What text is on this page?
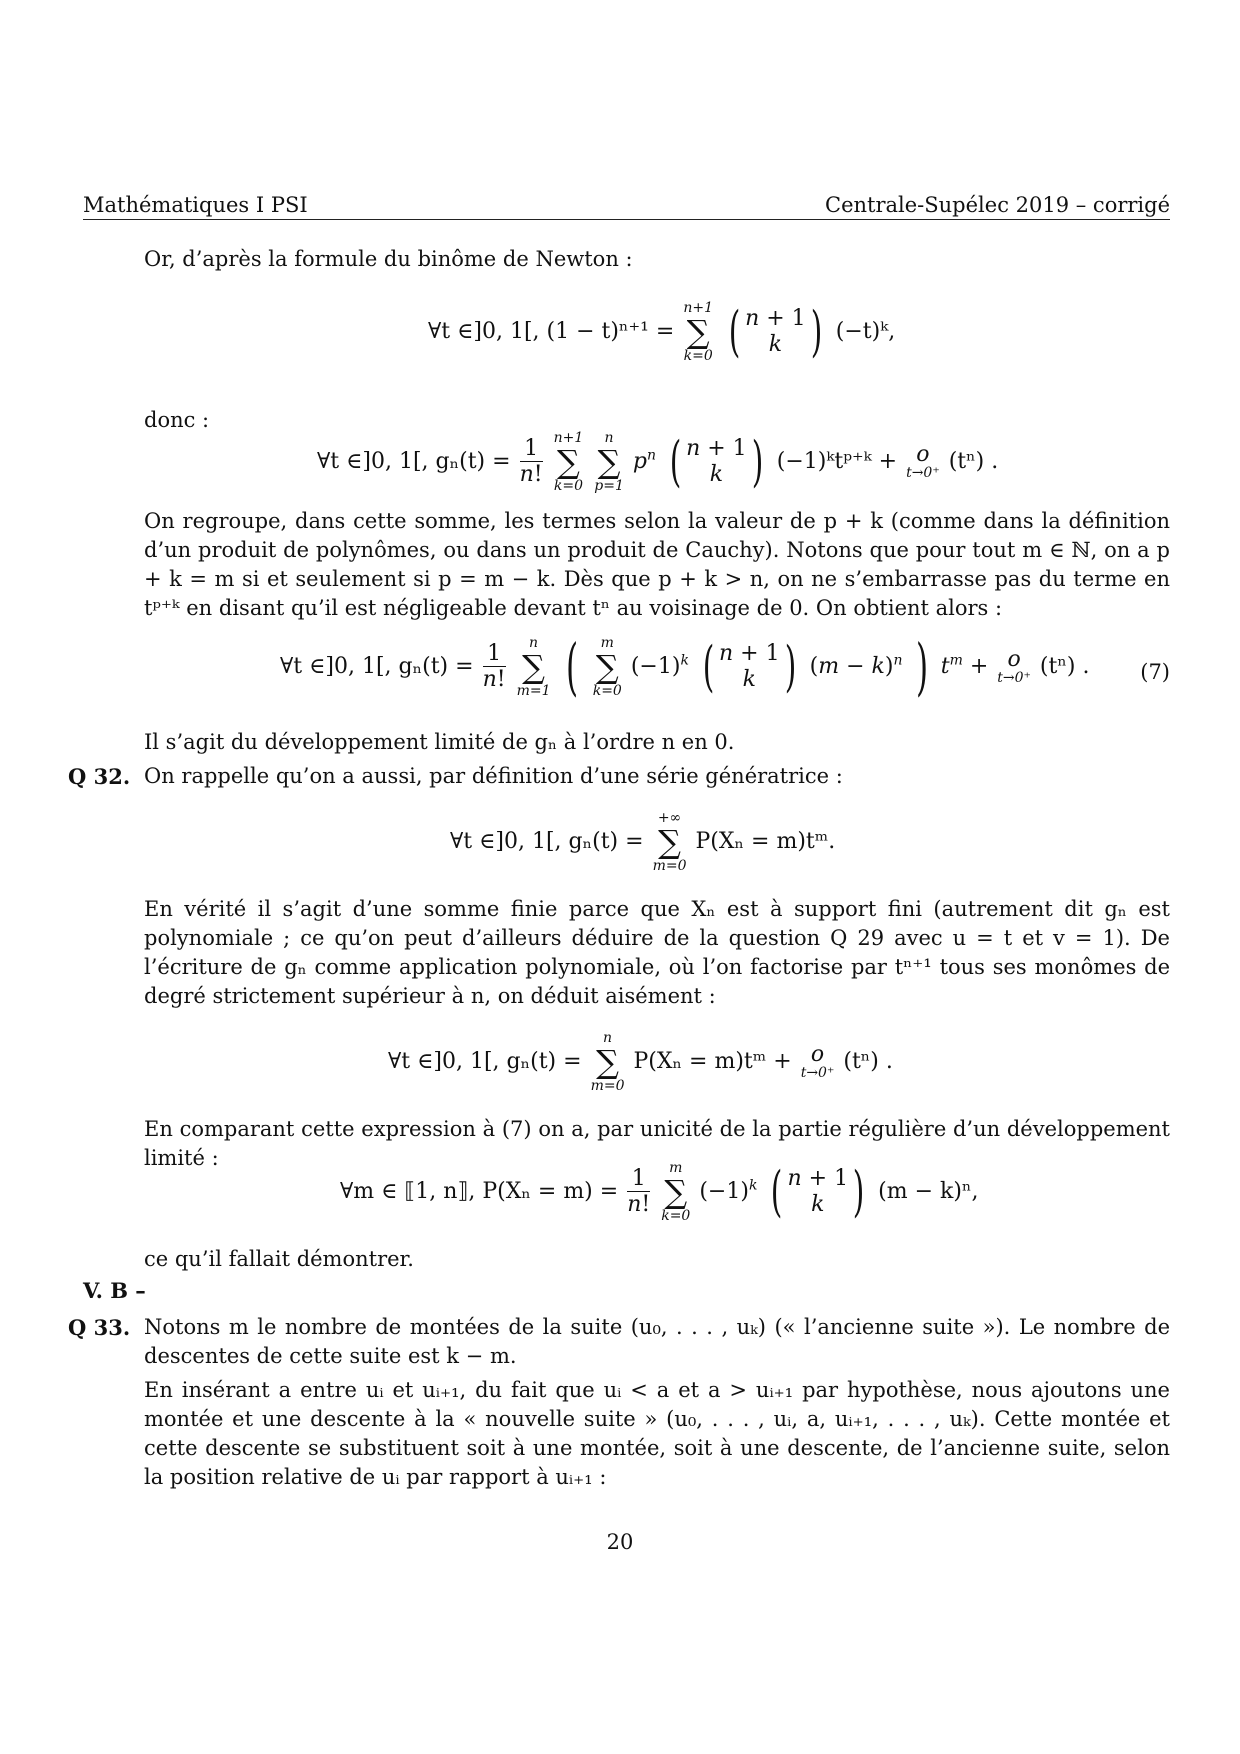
Mathématiques I PSI	Centrale-Supélec 2019 – corrigé
Or, d’après la formule du binôme de Newton :
∀t ∈]0, 1[, (1 − t)ⁿ⁺¹ =
n+1
∑
k=0 ( n + 1
k ) (−t)ᵏ,
donc :
∀t ∈]0, 1[, $g_n(t) = \frac{1}{n!}$
n+1
∑
k=0

n
∑
p=1
$p^n$ ( n + 1
k ) (−1)ᵏtᵖ⁺ᵏ + o
t→0⁺ (tⁿ) .
On regroupe, dans cette somme, les termes selon la valeur de p + k (comme dans la définition d’un produit de polynômes, ou dans un produit de Cauchy). Notons que pour tout m ∈ ℕ, on a p + k = m si et seulement si p = m − k. Dès que p + k > n, on ne s’embarrasse pas du terme en tᵖ⁺ᵏ en disant qu’il est négligeable devant tⁿ au voisinage de 0. On obtient alors :
∀t ∈]0, 1[, $g_n(t) = \frac{1}{n!}$
	n
∑
m=1 (	m
∑
k=0
$(-1)^k$ ( n + 1
k ) $(m - k)^n$ ) $t^m + o$
t→0⁺ (tⁿ) . (7)
Il s’agit du développement limité de gₙ à l’ordre n en 0.
Q 32. On rappelle qu’on a aussi, par définition d’une série génératrice :
∀t ∈]0, 1[, gₙ(t) =
+∞
∑
m=0
P(Xₙ = m)tᵐ.
En vérité il s’agit d’une somme finie parce que Xₙ est à support fini (autrement dit gₙ est polynomiale ; ce qu’on peut d’ailleurs déduire de la question Q 29 avec u = t et v = 1). De l’écriture de gₙ comme application polynomiale, où l’on factorise par tⁿ⁺¹ tous ses monômes de degré strictement supérieur à n, on déduit aisément :
∀t ∈]0, 1[, gₙ(t) =
n
∑
m=0
P(Xₙ = m)tᵐ + o
t→0⁺ (tⁿ) .
En comparant cette expression à (7) on a, par unicité de la partie régulière d’un développement limité :
∀m ∈ ⟦1, n⟧, $P(X_n = m) = \frac{1}{n!}$
	m
∑
k=0
$(-1)^k$ ( n + 1
k ) (m − k)ⁿ,
ce qu’il fallait démontrer.
V. B –
Q 33. Notons m le nombre de montées de la suite (u₀, . . . , uₖ) (« l’ancienne suite »). Le nombre de descentes de cette suite est k − m.
En insérant a entre uᵢ et uᵢ₊₁, du fait que uᵢ < a et a > uᵢ₊₁ par hypothèse, nous ajoutons une montée et une descente à la « nouvelle suite » (u₀, . . . , uᵢ, a, uᵢ₊₁, . . . , uₖ). Cette montée et cette descente se substituent soit à une montée, soit à une descente, de l’ancienne suite, selon la position relative de uᵢ par rapport à uᵢ₊₁ :
20
